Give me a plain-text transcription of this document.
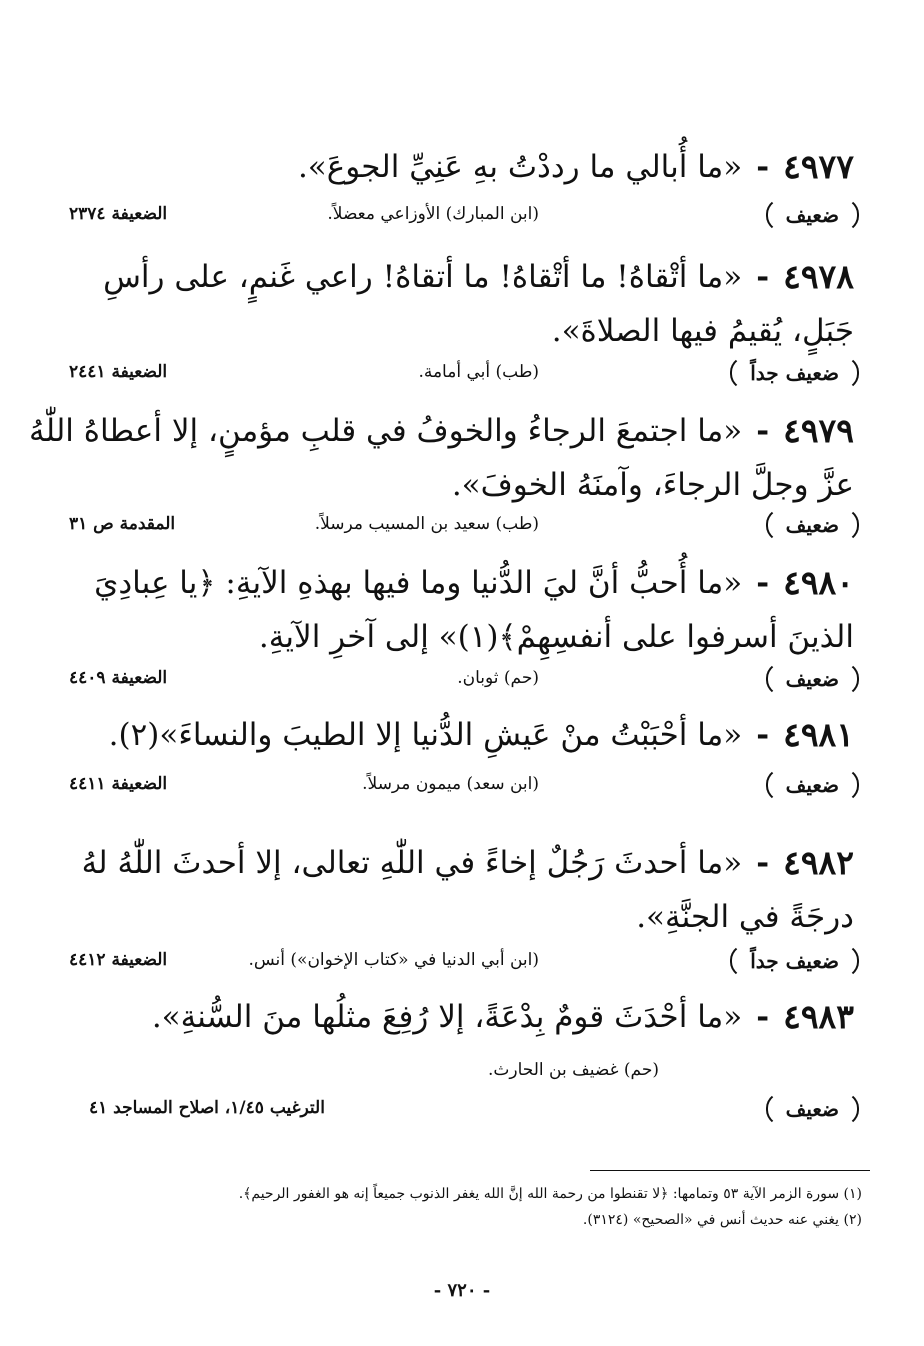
٤٩٧٧
-
«ما أُبالي ما رددْتُ بهِ عَنِيِّ الجوعَ».
ضعيف
(ابن المبارك) الأوزاعي معضلاً.
الضعيفة ٢٣٧٤
٤٩٧٨
-
«ما أتْقاهُ! ما أتْقاهُ! ما أتقاهُ! راعي غَنمٍ، على رأسِ
جَبَلٍ، يُقيمُ فيها الصلاةَ».
ضعيف جداً
(طب) أبي أمامة.
الضعيفة ٢٤٤١
٤٩٧٩
-
«ما اجتمعَ الرجاءُ والخوفُ في قلبِ مؤمنٍ، إلا أعطاهُ اللّٰهُ
عزَّ وجلَّ الرجاءَ، وآمنَهُ الخوفَ».
ضعيف
(طب) سعيد بن المسيب مرسلاً.
المقدمة ص ٣١
٤٩٨٠
-
«ما أُحبُّ أنَّ ليَ الدُّنيا وما فيها بهذهِ الآيةِ: ﴿يا عِبادِيَ
الذينَ أسرفوا على أنفسِهِمْ﴾(١)» إلى آخرِ الآيةِ.
ضعيف
(حم) ثوبان.
الضعيفة ٤٤٠٩
٤٩٨١
-
«ما أحْبَبْتُ منْ عَيشِ الدُّنيا إلا الطيبَ والنساءَ»(٢).
ضعيف
(ابن سعد) ميمون مرسلاً.
الضعيفة ٤٤١١
٤٩٨٢
-
«ما أحدثَ رَجُلٌ إخاءً في اللّٰهِ تعالى، إلا أحدثَ اللّٰهُ لهُ
درجَةً في الجنَّةِ».
ضعيف جداً
(ابن أبي الدنيا في «كتاب الإخوان») أنس.
الضعيفة ٤٤١٢
٤٩٨٣
-
«ما أحْدَثَ قومٌ بِدْعَةً، إلا رُفِعَ مثلُها منَ السُّنةِ».
(حم) غضيف بن الحارث.
ضعيف
الترغيب ١/٤٥، اصلاح المساجد ٤١
(١) سورة الزمر الآية ٥٣ وتمامها: ﴿لا تقنطوا من رحمة الله إنَّ الله يغفر الذنوب جميعاً إنه هو الغفور الرحيم﴾.
(٢) يغني عنه حديث أنس في «الصحيح» (٣١٢٤).
- ٧٢٠ -
